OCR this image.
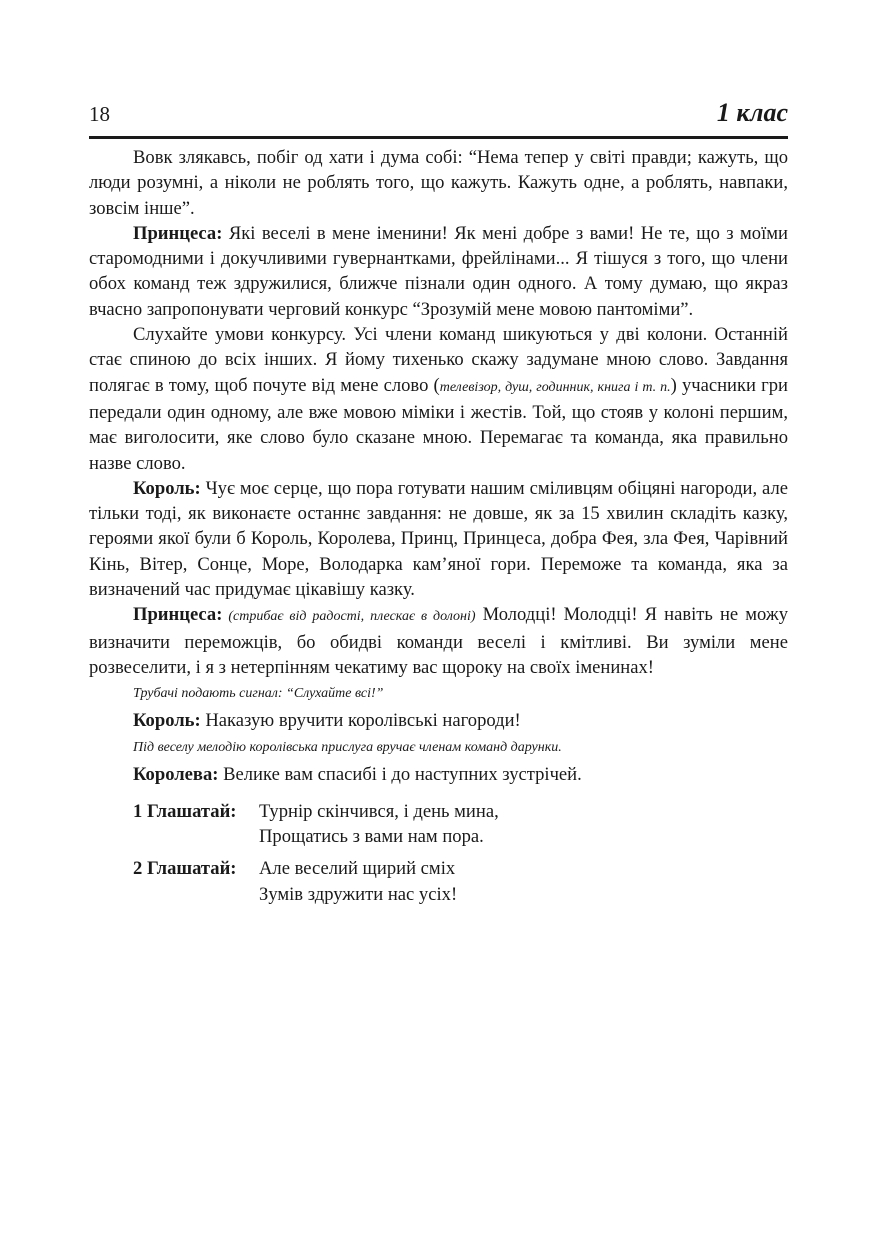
18	1 клас

Вовк злякавсь, побіг од хати і дума собі: “Нема тепер у світі правди; кажуть, що люди розумні, а ніколи не роблять того, що кажуть. Кажуть одне, а роблять, навпаки, зовсім інше”.

Принцеса: Які веселі в мене іменини! Як мені добре з вами! Не те, що з моїми старомодними і докучливими гувернантками, фрейлінами... Я тішуся з того, що члени обох команд теж здружилися, ближче пізнали один одного. А тому думаю, що якраз вчасно запропонувати черговий конкурс “Зрозумій мене мовою пантоміми”.

Слухайте умови конкурсу. Усі члени команд шикуються у дві колони. Останній стає спиною до всіх інших. Я йому тихенько скажу задумане мною слово. Завдання полягає в тому, щоб почуте від мене слово (телевізор, душ, годинник, книга і т. п.) учасники гри передали один одному, але вже мовою міміки і жестів. Той, що стояв у колоні першим, має виголосити, яке слово було сказане мною. Перемагає та команда, яка правильно назве слово.

Король: Чує моє серце, що пора готувати нашим сміливцям обіцяні нагороди, але тільки тоді, як виконаєте останнє завдання: не довше, як за 15 хвилин складіть казку, героями якої були б Король, Королева, Принц, Принцеса, добра Фея, зла Фея, Чарівний Кінь, Вітер, Сонце, Море, Володарка кам’яної гори. Переможе та команда, яка за визначений час придумає цікавішу казку.

Принцеса: (стрибає від радості, плескає в долоні) Молодці! Молодці! Я навіть не можу визначити переможців, бо обидві команди веселі і кмітливі. Ви зуміли мене розвеселити, і я з нетерпінням чекатиму вас щороку на своїх іменинах!

Трубачі подають сигнал: “Слухайте всі!”
Король: Наказую вручити королівські нагороди!
Під веселу мелодію королівська прислуга вручає членам команд дарунки.
Королева: Велике вам спасибі і до наступних зустрічей.
1 Глашатай:	Турнір скінчився, і день мина,
Прощатись з вами нам пора.
2 Глашатай:	Але веселий щирий сміх
Зумів здружити нас усіх!
